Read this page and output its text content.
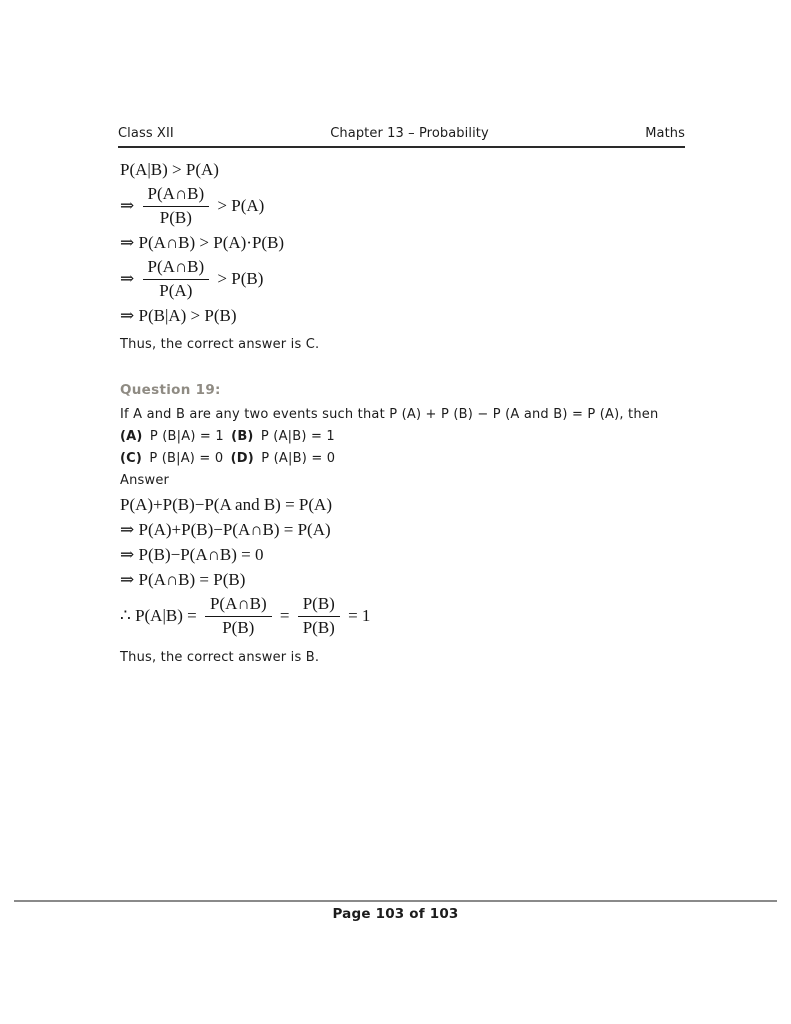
Class XII	Chapter 13 – Probability	Maths
P(A|B) > P(A)
⇒ $\frac{P(A\cap B)}{P(B)} > P(A)$
⇒ P(A∩B) > P(A)·P(B)
⇒ $\frac{P(A\cap B)}{P(A)} > P(B)$
⇒ P(B|A) > P(B)

Thus, the correct answer is C.

Question 19:

If A and B are any two events such that P (A) + P (B) − P (A and B) = P (A), then

(A) P (B|A) = 1 (B) P (A|B) = 1

(C) P (B|A) = 0 (D) P (A|B) = 0

Answer

P(A)+P(B)−P(A and B) = P(A)
⇒ P(A)+P(B)−P(A∩B) = P(A)
⇒ P(B)−P(A∩B) = 0
⇒ P(A∩B) = P(B)
∴ $P(A|B) = \frac{P(A\cap B)}{P(B)} = \frac{P(B)}{P(B)} = 1$

Thus, the correct answer is B.

Page 103 of 103
